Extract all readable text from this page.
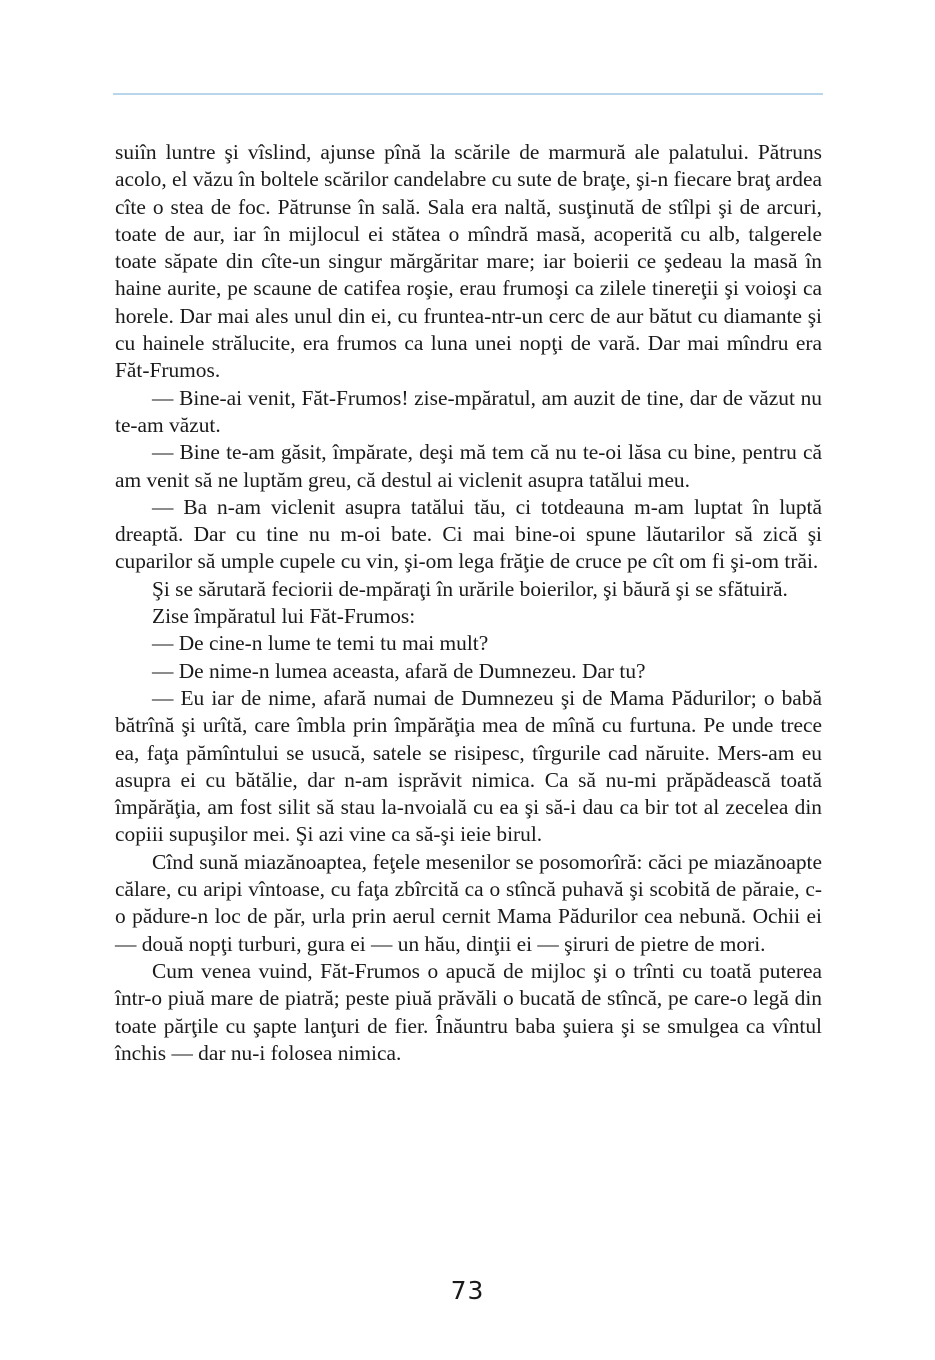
suiîn luntre şi vîslind, ajunse pînă la scările de marmură ale palatului. Pătruns acolo, el văzu în boltele scărilor candelabre cu sute de braţe, şi-n fiecare braţ ardea cîte o stea de foc. Pătrunse în sală. Sala era naltă, susţinută de stîlpi şi de arcuri, toate de aur, iar în mijlocul ei stătea o mîndră masă, acoperită cu alb, talgerele toate săpate din cîte-un singur mărgăritar mare; iar boierii ce şedeau la masă în haine aurite, pe scaune de catifea roşie, erau frumoşi ca zilele tinereţii şi voioşi ca horele. Dar mai ales unul din ei, cu fruntea-ntr-un cerc de aur bătut cu diamante şi cu hainele strălucite, era frumos ca luna unei nopţi de vară. Dar mai mîndru era Făt-Frumos.

— Bine-ai venit, Făt-Frumos! zise-mpăratul, am auzit de tine, dar de văzut nu te-am văzut.

— Bine te-am găsit, împărate, deşi mă tem că nu te-oi lăsa cu bine, pentru că am venit să ne luptăm greu, că destul ai viclenit asupra tatălui meu.

— Ba n-am viclenit asupra tatălui tău, ci totdeauna m-am luptat în luptă dreaptă. Dar cu tine nu m-oi bate. Ci mai bine-oi spune lăutarilor să zică şi cuparilor să umple cupele cu vin, şi-om lega frăţie de cruce pe cît om fi şi-om trăi.

Şi se sărutară feciorii de-mpăraţi în urările boierilor, şi băură şi se sfătuiră.

Zise împăratul lui Făt-Frumos:

— De cine-n lume te temi tu mai mult?

— De nime-n lumea aceasta, afară de Dumnezeu. Dar tu?

— Eu iar de nime, afară numai de Dumnezeu şi de Mama Pădurilor; o babă bătrînă şi urîtă, care îmbla prin împărăţia mea de mînă cu furtuna. Pe unde trece ea, faţa pămîntului se usucă, satele se risipesc, tîrgurile cad năruite. Mers-am eu asupra ei cu bătălie, dar n-am isprăvit nimica. Ca să nu-mi prăpădească toată împărăţia, am fost silit să stau la-nvoială cu ea şi să-i dau ca bir tot al zecelea din copiii supuşilor mei. Şi azi vine ca să-şi ieie birul.

Cînd sună miazănoaptea, feţele mesenilor se posomorîră: căci pe miazănoapte călare, cu aripi vîntoase, cu faţa zbîrcită ca o stîncă puhavă şi scobită de păraie, c-o pădure-n loc de păr, urla prin aerul cernit Mama Pădurilor cea nebună. Ochii ei — două nopţi turburi, gura ei — un hău, dinţii ei — şiruri de pietre de mori.

Cum venea vuind, Făt-Frumos o apucă de mijloc şi o trînti cu toată puterea într-o piuă mare de piatră; peste piuă prăvăli o bucată de stîncă, pe care-o legă din toate părţile cu şapte lanţuri de fier. Înăuntru baba şuiera şi se smulgea ca vîntul închis — dar nu-i folosea nimica.

73
